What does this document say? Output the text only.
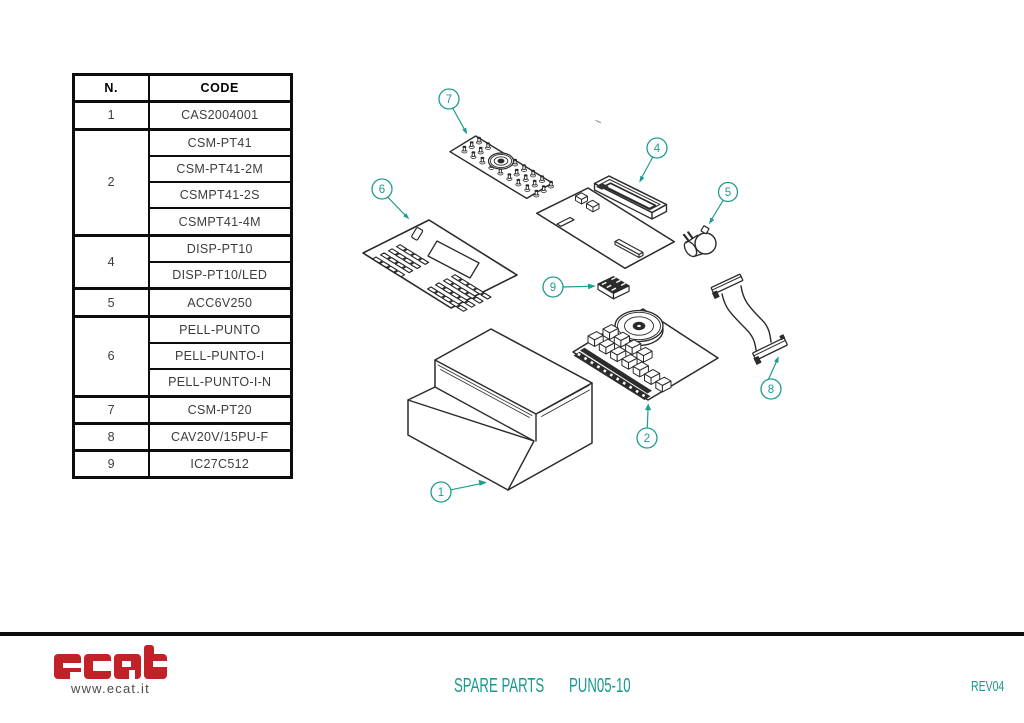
N.	CODE
1	CAS2004001
2	CSM-PT41
	CSM-PT41-2M
	CSMPT41-2S
	CSMPT41-4M
4	DISP-PT10
	DISP-PT10/LED
5	ACC6V250
6	PELL-PUNTO
	PELL-PUNTO-I
	PELL-PUNTO-I-N
7	CSM-PT20
8	CAV20V/15PU-F
9	IC27C512
1
2
4
5
6
7
8
9
www.ecat.it	SPARE PARTS PUN05-10	REV04
